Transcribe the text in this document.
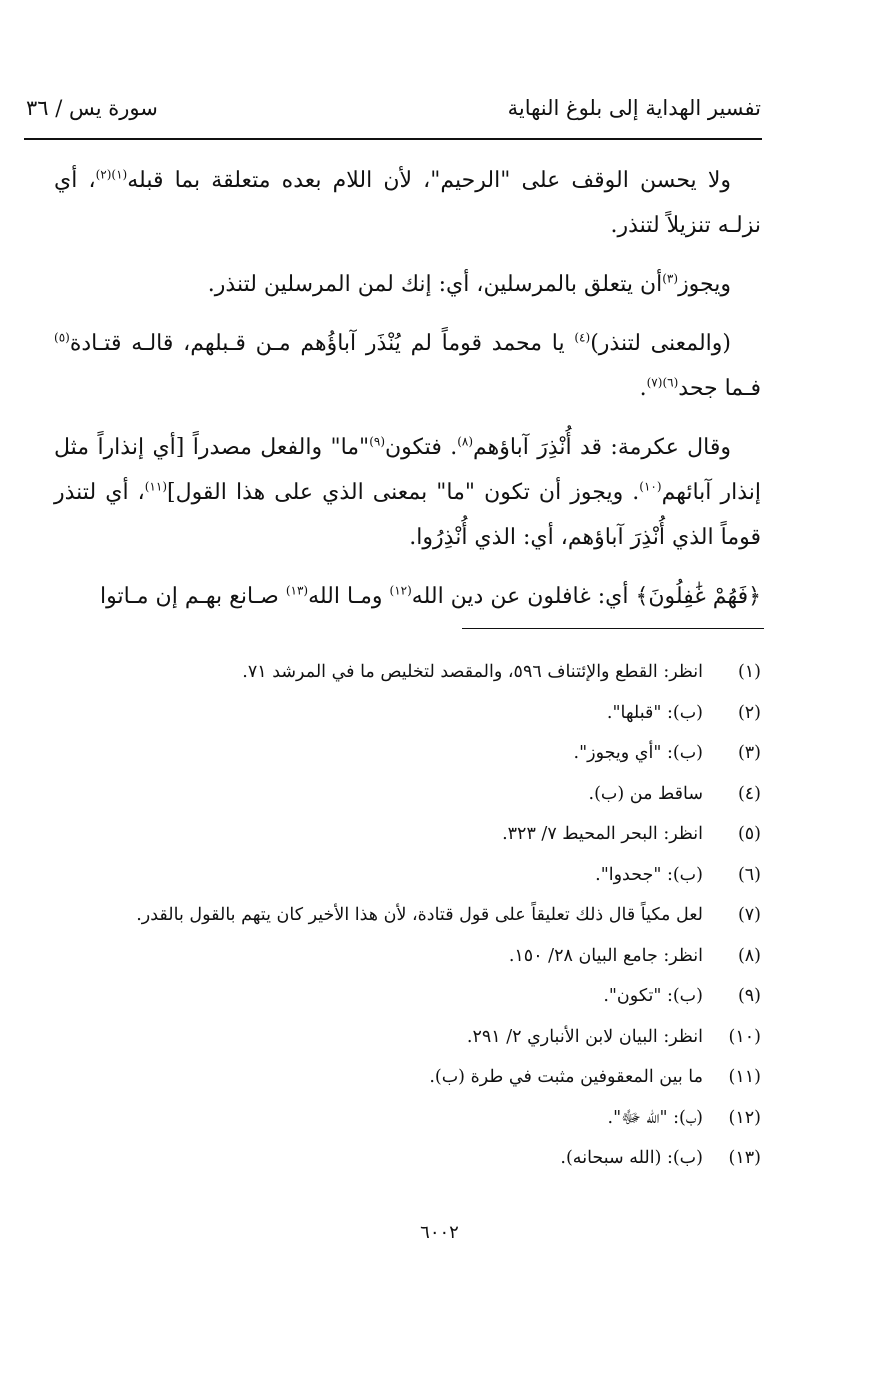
تفسير الهداية إلى بلوغ النهاية
سورة يس / ٣٦

ولا يحسن الوقف على "الرحيم"، لأن اللام بعده متعلقة بما قبله$^{(١)(٢)}$، أي نزلـه تنزيلاً لتنذر.

ويجوز$^{(٣)}$أن يتعلق بالمرسلين، أي: إنك لمن المرسلين لتنذر.

(والمعنى لتنذر)$^{(٤)}$ يا محمد قوماً لم يُنْذَر آباؤُهم مـن قـبلهم، قالـه قتـادة$^{(٥)}$ فـما جحد$^{(٦)(٧)}$.

وقال عكرمة: قد أُنْذِرَ آباؤهم$^{(٨)}$. فتكون$^{(٩)}$"ما" والفعل مصدراً [أي إنذاراً مثل إنذار آبائهم$^{(١٠)}$. ويجوز أن تكون "ما" بمعنى الذي على هذا القول]$^{(١١)}$، أي لتنذر قوماً الذي أُنْذِرَ آباؤهم، أي: الذي أُنْذِرُوا.

﴿فَهُمْ غَٰفِلُونَ﴾ أي: غافلون عن دين الله$^{(١٢)}$ ومـا الله$^{(١٣)}$ صـانع بهـم إن مـاتوا

(١)
انظر: القطع والإئتناف ٥٩٦، والمقصد لتخليص ما في المرشد ٧١.
(٢)
(ب): "قبلها".
(٣)
(ب): "أي ويجوز".
(٤)
ساقط من (ب).
(٥)
انظر: البحر المحيط ٧/ ٣٢٣.
(٦)
(ب): "جحدوا".
(٧)
لعل مكياً قال ذلك تعليقاً على قول قتادة، لأن هذا الأخير كان يتهم بالقول بالقدر.
(٨)
انظر: جامع البيان ٢٨/ ١٥٠.
(٩)
(ب): "تكون".
(١٠)
انظر: البيان لابن الأنباري ٢/ ٢٩١.
(١١)
ما بين المعقوفين مثبت في طرة (ب).
(١٢)
(ب): "الله ﷻ".
(١٣)
(ب): (الله سبحانه).
٦٠٠٢
